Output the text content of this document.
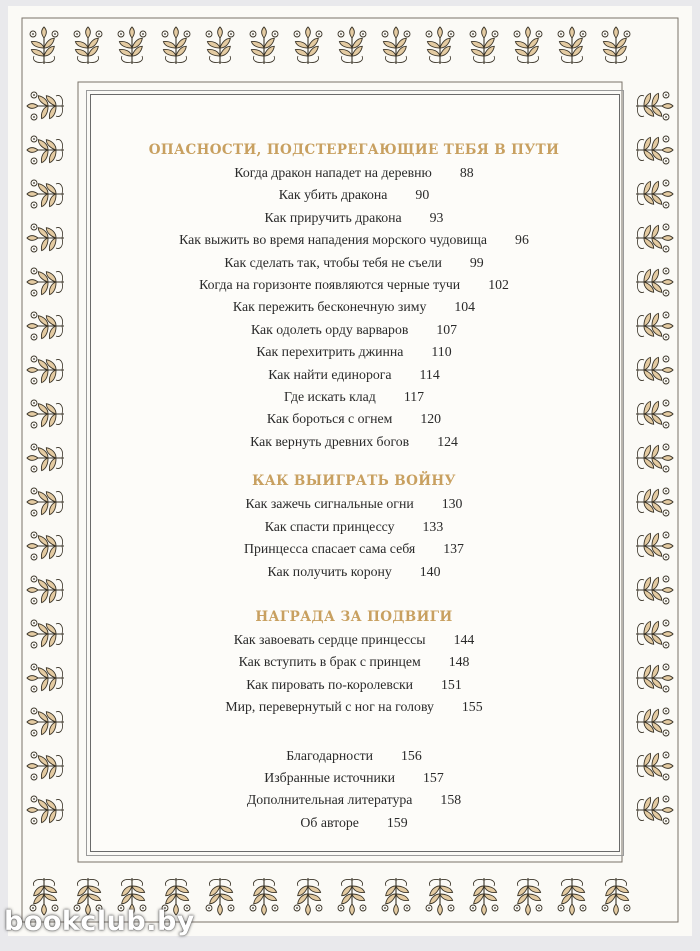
ОПАСНОСТИ, ПОДСТЕРЕГАЮЩИЕ ТЕБЯ В ПУТИ
Когда дракон нападет на деревню 88
Как убить дракона 90
Как приручить дракона 93
Как выжить во время нападения морского чудовища 96
Как сделать так, чтобы тебя не съели 99
Когда на горизонте появляются черные тучи 102
Как пережить бесконечную зиму 104
Как одолеть орду варваров 107
Как перехитрить джинна 110
Как найти единорога 114
Где искать клад 117
Как бороться с огнем 120
Как вернуть древних богов 124
КАК ВЫИГРАТЬ ВОЙНУ
Как зажечь сигнальные огни 130
Как спасти принцессу 133
Принцесса спасает сама себя 137
Как получить корону 140
НАГРАДА ЗА ПОДВИГИ
Как завоевать сердце принцессы 144
Как вступить в брак с принцем 148
Как пировать по-королевски 151
Мир, перевернутый с ног на голову 155
Благодарности 156
Избранные источники 157
Дополнительная литература 158
Об авторе 159
bookclub.by
